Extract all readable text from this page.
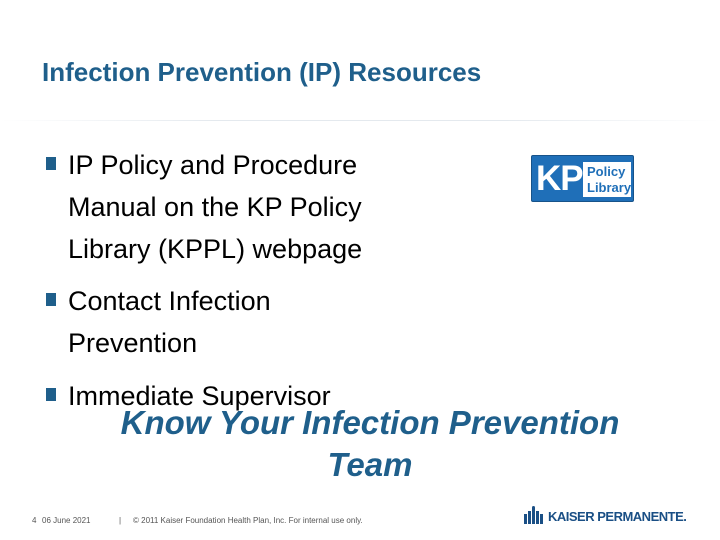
Infection Prevention (IP) Resources
IP Policy and Procedure
Manual on the KP Policy
Library (KPPL) webpage
KP Policy
Library
Contact Infection
Prevention
Immediate Supervisor
Know Your Infection Prevention
Team
4 06 June 2021	| © 2011 Kaiser Foundation Health Plan, Inc. For internal use only.	KAISER PERMANENTE.
